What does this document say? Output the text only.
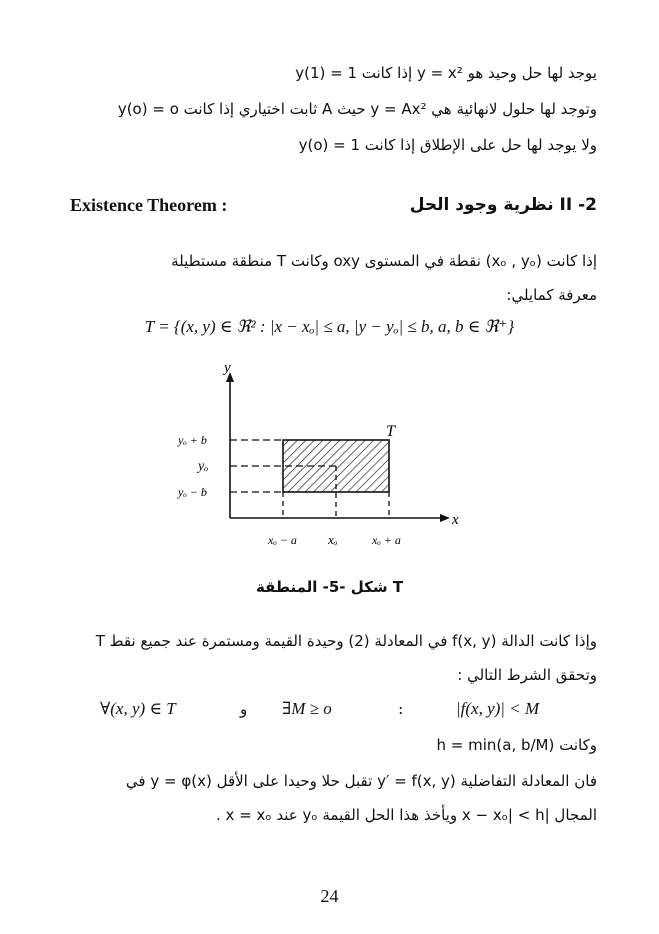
يوجد لها حل وحيد هو y = x² إذا كانت y(1) = 1
وتوجد لها حلول لانهائية هي y = Ax² حيث A ثابت اختياري إذا كانت y(o) = o
ولا يوجد لها حل على الإطلاق إذا كانت y(o) = 1
Existence Theorem :	II -2 نظرية وجود الحل
إذا كانت (xₒ , yₒ) نقطة في المستوى oxy وكانت T منطقة مستطيلة
معرفة كمايلي:
T = {(x, y) ∈ ℜ² : |x − xₒ| ≤ a, |y − yₒ| ≤ b, a, b ∈ ℜ⁺}
y
x
T
yₒ + b
yₒ
yₒ − b
xₒ − a xₒ	xₒ + a
شكل -5- المنطقة T
وإذا كانت الدالة f(x, y) في المعادلة (2) وحيدة القيمة ومستمرة عند جميع نقط T
وتحقق الشرط التالي :
∀(x, y) ∈ T	و ∃M ≥ o	:	|f(x, y)| < M
وكانت h = min(a, b/M)
فان المعادلة التفاضلية y′ = f(x, y) تقبل حلا وحيدا على الأقل y = φ(x) في
المجال |x − xₒ| < h ويأخذ هذا الحل القيمة yₒ عند x = xₒ .
24
